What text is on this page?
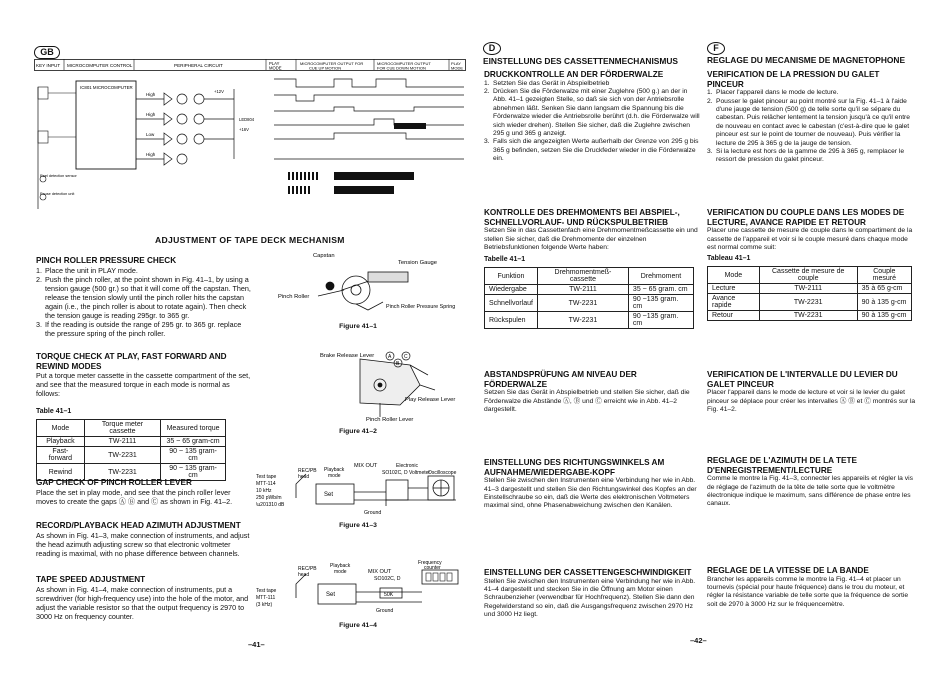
GB
KEY INPUT MICROCOMPUTER CONTROL	PERIPHERAL CIRCUIT	PLAY
MODE
MICROCOMPUTER OUTPUT FOR
CUE UP MOTION
MICROCOMPUTER OUTPUT
FOR CUE DOWN MOTION
PLAY
MODE
High
High
Low
High
IC801 MICROCOMPUTER
+12V
LED804
+16V
Reel detection sensor
Pause detection unit
ADJUSTMENT OF TAPE DECK MECHANISM
PINCH ROLLER PRESSURE CHECK
1. Place the unit in PLAY mode.
2. Push the pinch roller, at the point shown in Fig. 41–1, by using a tension gauge (500 gr.) so that it will come off the capstan. Then, release the tension slowly until the pinch roller hits the capstan again (i.e., the pinch roller is about to rotate again). Then check the tension gauge is reading 295gr. to 365 gr.
3. If the reading is outside the range of 295 gr. to 365 gr. replace the pressure spring of the pinch roller.
TORQUE CHECK AT PLAY, FAST FORWARD AND REWIND MODES
Put a torque meter cassette in the cassette compartment of the set, and see that the measured torque in each mode is normal as follows:
Table 41–1
Mode	Torque meter cassette	Measured torque
Playback	TW-2111	35 ~ 65 gram-cm
Fast-forward	TW-2231	90 ~ 135 gram-cm
Rewind	TW-2231	90 ~ 135 gram-cm
GAP CHECK OF PINCH ROLLER LEVER
Place the set in play mode, and see that the pinch roller lever moves to create the gaps Ⓐ Ⓑ and Ⓒ as shown in Fig. 41–2.
RECORD/PLAYBACK HEAD AZIMUTH ADJUSTMENT
As shown in Fig. 41–3, make connection of instruments, and adjust the head azimuth adjusting screw so that electronic voltmeter reading is maximal, with no phase difference between channels.
TAPE SPEED ADJUSTMENT
As shown in Fig. 41–4, make connection of instruments, put a screwdriver (for high-frequency use) into the hole of the motor, and adjust the variable resistor so that the output frequency is 2970 to 3000 Hz on frequency counter.
Capstan
Tension Gauge
Pinch Roller
Pinch Roller Pressure Spring
Figure 41–1
A
B
C
Brake Release Lever
Play Release Lever
Pinch Roller Lever
Figure 41–2
Test tape
MTT-114
10 kHz
250 pWb/m
\u201310 dB
REC/PB
head
Playback
mode
Set
MIX OUT
SO102C, D Voltmeter
Electronic
Oscilloscope
Ground
Figure 41–3
Test tape
MTT-111
(3 kHz)
REC/PB
head
Playback
mode
Set
MIX OUT
SO102C, D
Frequency
counter
50K
Ground
Figure 41–4
–41–
D
EINSTELLUNG DES CASSETTENMECHANISMUS
DRUCKKONTROLLE AN DER FÖRDERWALZE
1. Setzten Sie das Gerät in Abspielbetrieb
2. Drücken Sie die Förderwalze mit einer Zuglehre (500 g.) an der in Abb. 41–1 gezeigten Stelle, so daß sie sich von der Antriebsrolle abnehmen läßt. Senken Sie dann langsam die Spannung bis die Förderwalze wieder die Antriebsrolle berührt (d.h. die Förderwalze will sich wieder drehen). Stellen Sie sicher, daß die Zuglehre zwischen 295 g und 365 g anzeigt.
3. Falls sich die angezeigten Werte außerhalb der Grenze von 295 g bis 365 g befinden, setzen Sie die Druckfeder wieder in die Förderwalze ein.
KONTROLLE DES DREHMOMENTS BEI ABSPIEL-, SCHNELLVORLAUF- UND RÜCKSPULBETRIEB
Setzen Sie in das Cassettenfach eine Drehmomentmeßcassette ein und stellen Sie sicher, daß die Drehmomente der einzelnen Betriebsfunktionen folgende Werte haben:
Tabelle 41–1
Funktion	Drehmomentmeß-cassette	Drehmoment
Wiedergabe	TW-2111	35 ~ 65 gram. cm
Schnellvorlauf	TW-2231	90 ~135 gram. cm
Rückspulen	TW-2231	90 ~135 gram. cm
ABSTANDSPRÜFUNG AM NIVEAU DER FÖRDERWALZE
Setzen Sie das Gerät in Abspielbetrieb und stellen Sie sicher, daß die Förderwalze die Abstände Ⓐ, Ⓑ und Ⓒ erreicht wie in Abb. 41–2 dargestellt.
EINSTELLUNG DES RICHTUNGSWINKELS AM AUFNAHME/WIEDERGABE-KOPF
Stellen Sie zwischen den Instrumenten eine Verbindung her wie in Abb. 41–3 dargestellt und stellen Sie den Richtungswinkel des Kopfes an der Einstellschraube so ein, daß die Werte des elektronischen Voltmeters maximal sind, ohne Phasenabweichung zwischen den Kanälen.
EINSTELLUNG DER CASSETTENGESCHWINDIGKEIT
Stellen Sie zwischen den Instrumenten eine Verbindung her wie in Abb. 41–4 dargestellt und stecken Sie in die Öffnung am Motor einen Schraubenzieher (verwendbar für Hochfrequenz). Stellen Sie dann den Regelwiderstand so ein, daß die Ausgangsfrequenz zwischen 2970 Hz und 3000 Hz liegt.
–42–
F
REGLAGE DU MECANISME DE MAGNETOPHONE
VERIFICATION DE LA PRESSION DU GALET PINCEUR
1. Placer l'appareil dans le mode de lecture.
2. Pousser le galet pinceur au point montré sur la Fig. 41–1 à l'aide d'une jauge de tension (500 g) de telle sorte qu'il se sépare du cabestan. Puis relâcher lentement la tension jusqu'à ce qu'il entre de nouveau en contact avec le cabestan (c'est-à-dire que le galet pinceur est sur le point de tourner de nouveau). Puis vérifier la lecture de 295 à 365 g de la jauge de tension.
3. Si la lecture est hors de la gamme de 295 à 365 g, remplacer le ressort de pression du galet pinceur.
VERIFICATION DU COUPLE DANS LES MODES DE LECTURE, AVANCE RAPIDE ET RETOUR
Placer une cassette de mesure de couple dans le compartiment de la cassette de l'appareil et voir si le couple mesuré dans chaque mode est normal comme suit:
Tableau 41–1
Mode	Cassette de mesure de couple	Couple mesuré
Lecture	TW-2111	35 à 65 g-cm
Avance rapide	TW-2231	90 à 135 g-cm
Retour	TW-2231	90 à 135 g-cm
VERIFICATION DE L'INTERVALLE DU LEVIER DU GALET PINCEUR
Placer l'appareil dans le mode de lecture et voir si le levier du galet pinceur se déplace pour créer les intervalles Ⓐ Ⓑ et Ⓒ montrés sur la Fig. 41–2.
REGLAGE DE L'AZIMUTH DE LA TETE D'ENREGISTREMENT/LECTURE
Comme le montre la Fig. 41–3, connecter les appareils et régler la vis de réglage de l'azimuth de la tête de telle sorte que le voltmètre électronique indique le maximum, sans différence de phase entre les canaux.
REGLAGE DE LA VITESSE DE LA BANDE
Brancher les appareils comme le montre la Fig. 41–4 et placer un tournevis (spécial pour haute fréquence) dans le trou du moteur, et régler la résistance variable de telle sorte que la fréquence de sortie soit de 2970 à 3000 Hz sur le fréquencemètre.
